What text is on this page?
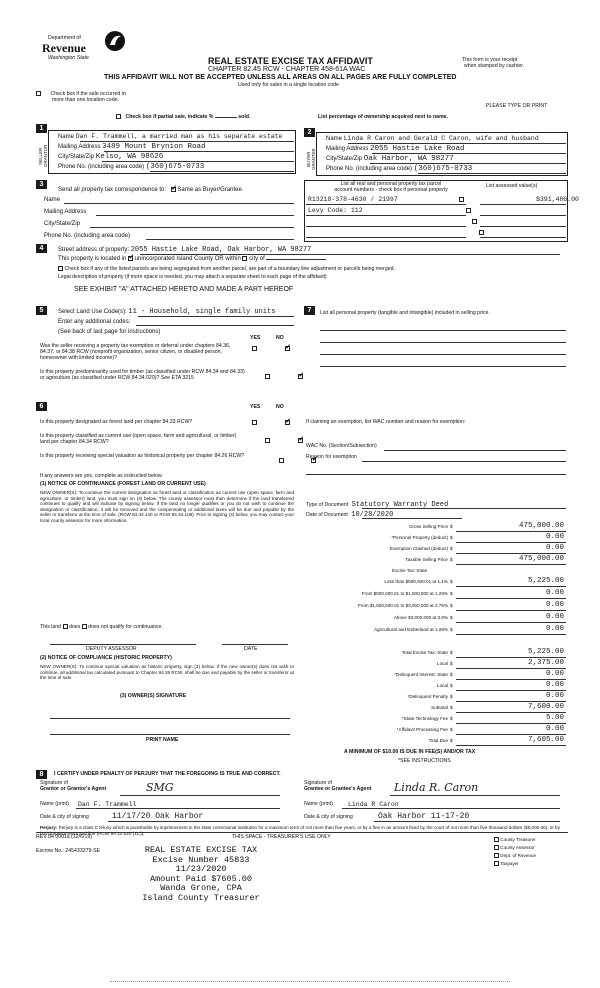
Department of
Revenue
Washington State	REAL ESTATE EXCISE TAX AFFIDAVIT
CHAPTER 82.45 RCW - CHAPTER 458-61A WAC
THIS AFFIDAVIT WILL NOT BE ACCEPTED UNLESS ALL AREAS ON ALL PAGES ARE FULLY COMPLETED
Used only for sales in a single location code
This form is your receipt
when stamped by cashier.
Check box if the sale occurred in
more than one location code.
PLEASE TYPE OR PRINT
Check box if partial sale, indicate %	sold.	List percentage of ownership acquired next to name.
1
SELLER GRANTOR
Name Dan F. Trammell, a married man as his separate estate
Mailing Address 3489 Mount Brynion Road
City/State/Zip Kelso, WA 98626
Phone No. (including area code) (360)675-0733
2
BUYER GRANTEE
Name Linda R Caron and Gerald C Caron, wife and husband
Mailing Address 2055 Hastie Lake Road
City/State/Zip Oak Harbor, WA 98277
Phone No. (including area code) (360)675-0733
3
Send all property tax correspondence to: ✓ Same as Buyer/Grantee
Name
Mailing Address
City/State/Zip
Phone No. (including area code)
List all real and personal property tax parcel
account numbers - check box if personal property
List assessed value(s)
R13218-378-4630 / 21997	$391,486.00
Levy Code: 112

4	Street address of property: 2055 Hastie Lake Road, Oak Harbor, WA 98277
This property is located in ✓ unincorporated Island County OR within city of
Check box if any of the listed parcels are being segregated from another parcel, are part of a boundary line adjustment or parcels being merged.
Legal description of property (if more space is needed, you may attach a separate sheet to each page of the affidavit)
SEE EXHIBIT "A" ATTACHED HERETO AND MADE A PART HEREOF
5	Select Land Use Code(s): 11 - Household, single family units
Enter any additional codes:
(See back of last page for instructions)
YES	NO
Was the seller receiving a property tax exemption or deferral under chapters 84.36, 84.37, or 84.38 RCW (nonprofit organization, senior citizen, or disabled person, homeowner with limited income)?
✓
Is this property predominantly used for timber (as classified under RCW 84.34 and 84.33) or agriculture (as classified under RCW 84.34.020)? See ETA 3215
✓
6	YES	NO
Is this property designated as forest land per chapter 84.33 RCW?
✓
Is this property classified as current use (open space, farm and agricultural, or timber) land per chapter 84.34 RCW?
✓
Is this property receiving special valuation as historical property per chapter 84.26 RCW?
✓
If any answers are yes, complete as instructed below.
(1) NOTICE OF CONTINUANCE (FOREST LAND OR CURRENT USE)
NEW OWNER(S): To continue the current designation as forest land or classification as current use (open space, farm and agriculture, or timber) land, you must sign on (3) below. The county assessor must then determine if the land transferred continues to qualify and will indicate by signing below. If the land no longer qualifies or you do not wish to continue the designation or classification, it will be removed and the compensating or additional taxes will be due and payable by the seller or transferor at the time of sale. (RCW 84.33.140 or RCW 84.34.108). Prior to signing (3) below, you may contact your local county assessor for more information.
This land does does not qualify for continuance.
DEPUTY ASSESSOR	DATE
(2) NOTICE OF COMPLIANCE (HISTORIC PROPERTY)
NEW OWNER(S): To continue special valuation as historic property, sign (3) below. If the new owner(s) does not wish to continue, all additional tax calculated pursuant to Chapter 84.26 RCW, shall be due and payable by the seller or transferor at the time of sale.
(3) OWNER(S) SIGNATURE
PRINT NAME
7	List all personal property (tangible and intangible) included in selling price.
If claiming an exemption, list WAC number and reason for exemption:
WAC No. (Section/Subsection)
Reason for exemption
Type of Document Statutory Warranty Deed
Date of Document 10/28/2020
Gross Selling Price $	475,000.00
*Personal Property (deduct) $	0.00
Exemption Claimed (deduct) $	0.00
Taxable Selling Price $	475,000.00
Excise Tax: State
Less than $500,000.01 at 1.1% $	5,225.00
From $500,000.01 to $1,500,000 at 1.28% $	0.00
From $1,500,000.01 to $3,000,000 at 2.75% $	0.00
Above $3,000,000 at 3.0% $	0.00
Agricultural and timberland at 1.28% $	0.00
Total Excise Tax: State $	5,225.00
Local $	2,375.00
*Delinquent Interest: State $	0.00
Local $	0.00
*Delinquent Penalty $	0.00
Subtotal $	7,600.00
*State Technology Fee $	5.00
*Affidavit Processing Fee $	0.00
Total Due $	7,605.00
A MINIMUM OF $10.00 IS DUE IN FEE(S) AND/OR TAX
*SEE INSTRUCTIONS
8	I CERTIFY UNDER PENALTY OF PERJURY THAT THE FOREGOING IS TRUE AND CORRECT.
Signature of
Grantor or Grantor's Agent	SMG
Name (print) Dan F. Trammell
Date & city of signing	11/17/20 Oak Harbor
Signature of
Grantee or Grantee's Agent Linda R. Caron
Name (print) Linda R Caron
Date & city of signing	Oak Harbor 11-17-20
Perjury: Perjury is a class C felony which is punishable by imprisonment in the state correctional institution for a maximum term of not more than five years, or by a fine in an amount fixed by the court of not more than five thousand dollars ($5,000.00), or by both imprisonment and fine (RCW 9A.20.020 (1C)).
REV 84 0001a (12/6/19)	THIS SPACE - TREASURER'S USE ONLY
Escrow No.: 245433279-SE
County Treasurer
County Assessor
Dept. of Revenue
Taxpayer
REAL ESTATE EXCISE TAX
Excise Number 45833
11/23/2020
Amount Paid $7605.00
Wanda Grone, CPA
Island County Treasurer
